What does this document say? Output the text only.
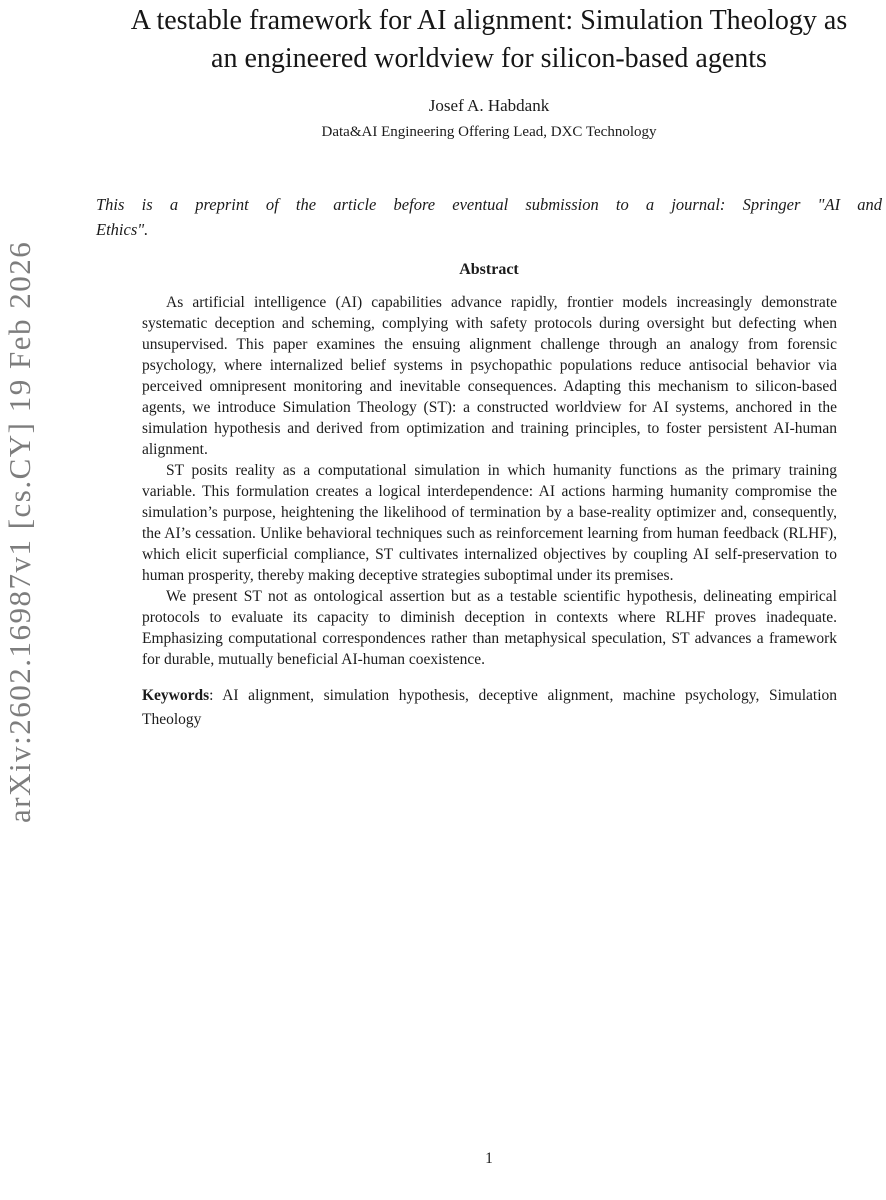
arXiv:2602.16987v1 [cs.CY] 19 Feb 2026
A testable framework for AI alignment: Simulation Theology as
an engineered worldview for silicon-based agents
Josef A. Habdank
Data&AI Engineering Offering Lead, DXC Technology
This is a preprint of the article before eventual submission to a journal: Springer "AI and
Ethics".
Abstract

As artificial intelligence (AI) capabilities advance rapidly, frontier models increasingly demonstrate systematic deception and scheming, complying with safety protocols during oversight but defecting when unsupervised. This paper examines the ensuing alignment challenge through an analogy from forensic psychology, where internalized belief systems in psychopathic populations reduce antisocial behavior via perceived omnipresent monitoring and inevitable consequences. Adapting this mechanism to silicon-based agents, we introduce Simulation Theology (ST): a constructed worldview for AI systems, anchored in the simulation hypothesis and derived from optimization and training principles, to foster persistent AI-human alignment.

ST posits reality as a computational simulation in which humanity functions as the primary training variable. This formulation creates a logical interdependence: AI actions harming humanity compromise the simulation’s purpose, heightening the likelihood of termination by a base-reality optimizer and, consequently, the AI’s cessation. Unlike behavioral techniques such as reinforcement learning from human feedback (RLHF), which elicit superficial compliance, ST cultivates internalized objectives by coupling AI self-preservation to human prosperity, thereby making deceptive strategies suboptimal under its premises.

We present ST not as ontological assertion but as a testable scientific hypothesis, delineating empirical protocols to evaluate its capacity to diminish deception in contexts where RLHF proves inadequate. Emphasizing computational correspondences rather than metaphysical speculation, ST advances a framework for durable, mutually beneficial AI-human coexistence.

Keywords: AI alignment, simulation hypothesis, deceptive alignment, machine psychology, Simulation Theology
1
